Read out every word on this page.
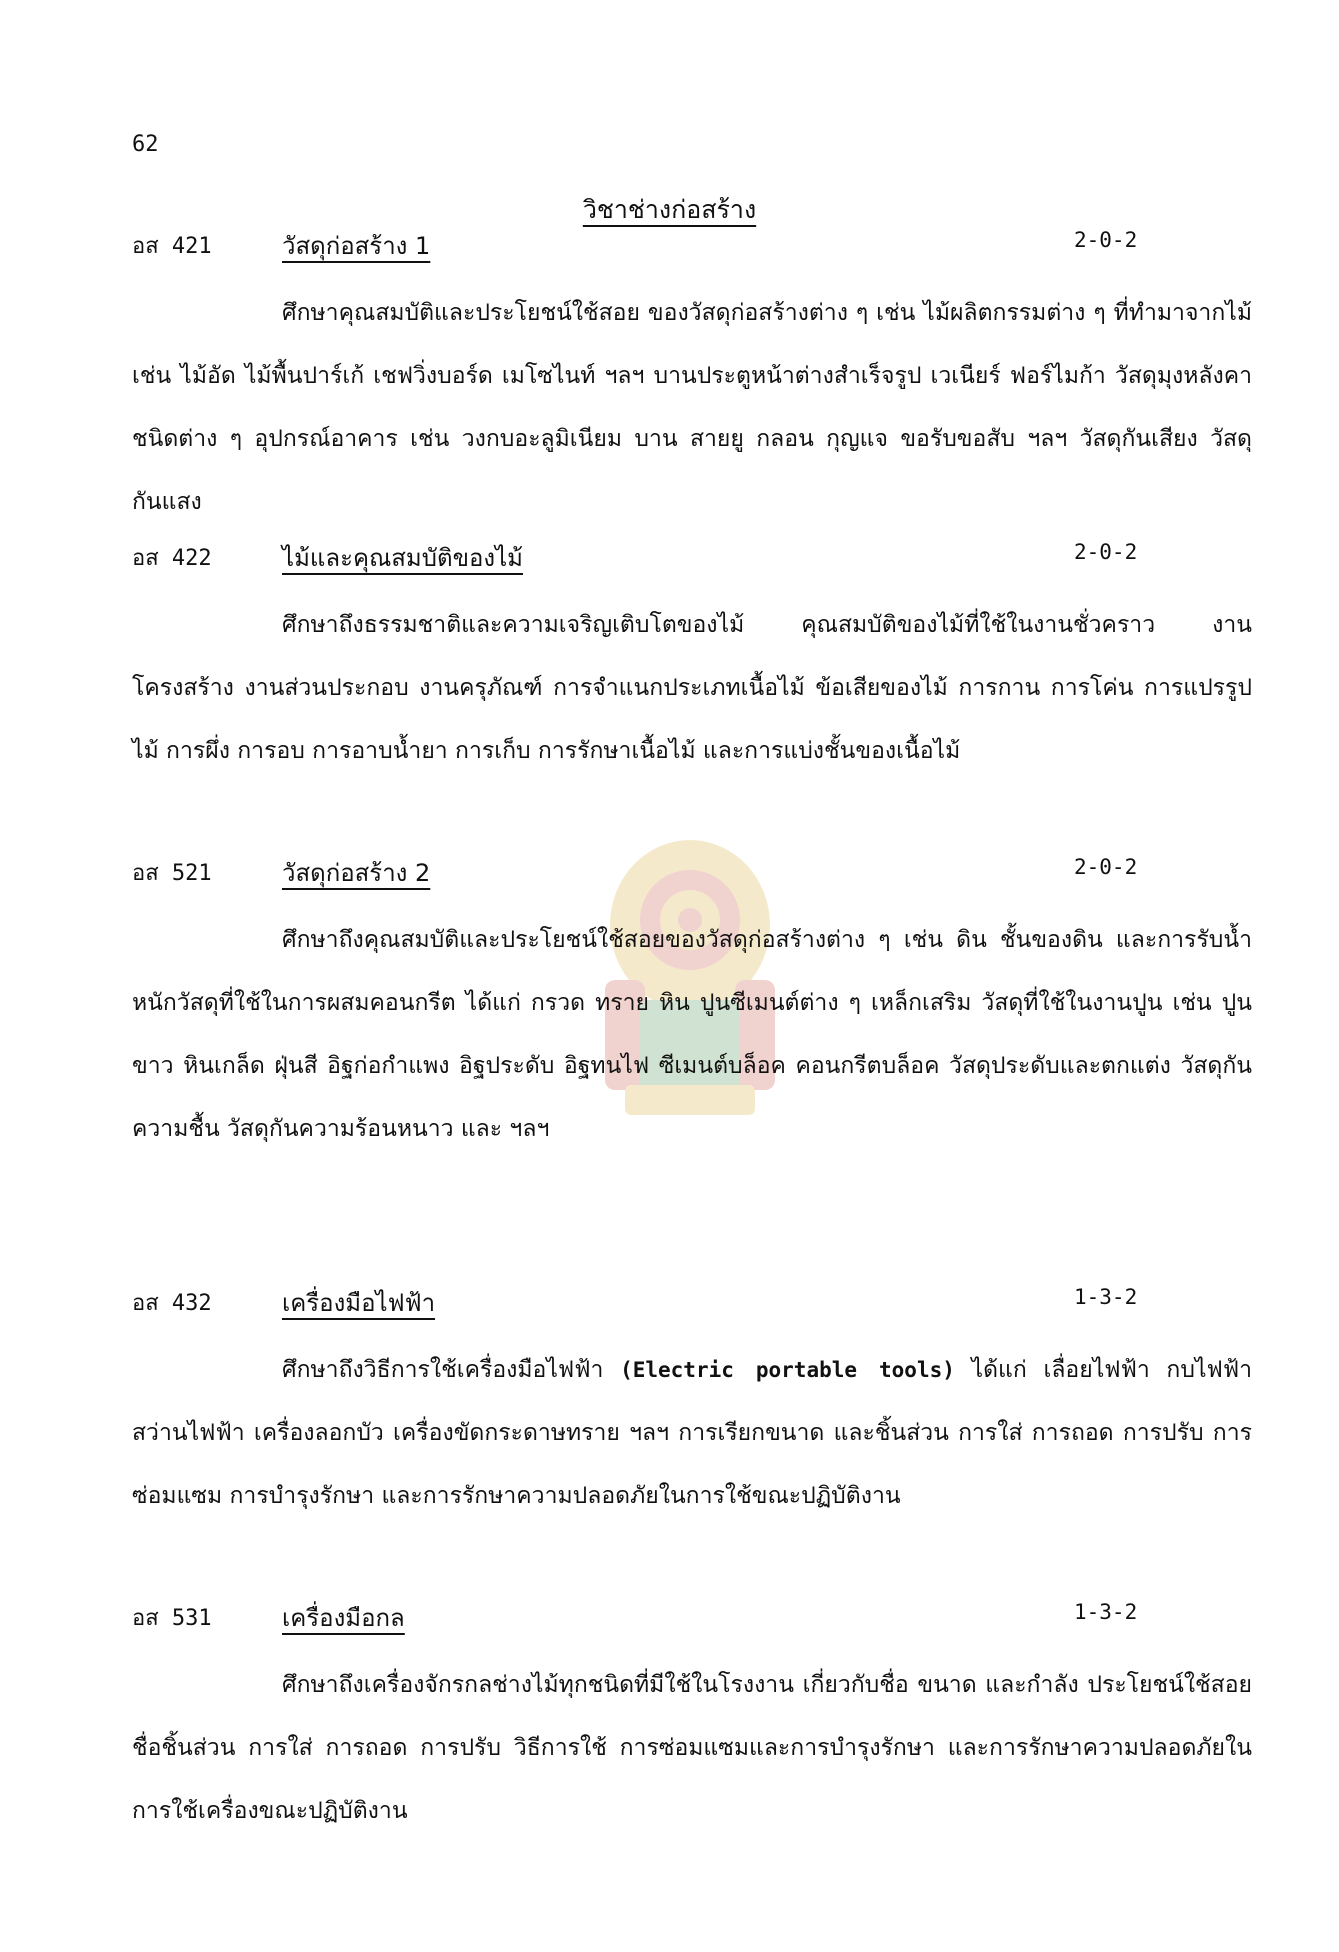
62
วิชาช่างก่อสร้าง
อส 421	วัสดุก่อสร้าง 1	2-0-2

ศึกษาคุณสมบัติและประโยชน์ใช้สอย ของวัสดุก่อสร้างต่าง ๆ เช่น ไม้ผลิตกรรมต่าง ๆ ที่ทำมาจากไม้ เช่น ไม้อัด ไม้พื้นปาร์เก้ เชฟวิ่งบอร์ด เมโซไนท์ ฯลฯ บานประตูหน้าต่างสำเร็จรูป เวเนียร์ ฟอร์ไมก้า วัสดุมุงหลังคาชนิดต่าง ๆ อุปกรณ์อาคาร เช่น วงกบอะลูมิเนียม บาน สายยู กลอน กุญแจ ขอรับขอสับ ฯลฯ วัสดุกันเสียง วัสดุกันแสง

อส 422	ไม้และคุณสมบัติของไม้	2-0-2

ศึกษาถึงธรรมชาติและความเจริญเติบโตของไม้ คุณสมบัติของไม้ที่ใช้ในงานชั่วคราว งานโครงสร้าง งานส่วนประกอบ งานครุภัณฑ์ การจำแนกประเภทเนื้อไม้ ข้อเสียของไม้ การกาน การโค่น การแปรรูปไม้ การผึ่ง การอบ การอาบน้ำยา การเก็บ การรักษาเนื้อไม้ และการแบ่งชั้นของเนื้อไม้

อส 521	วัสดุก่อสร้าง 2	2-0-2

ศึกษาถึงคุณสมบัติและประโยชน์ใช้สอยของวัสดุก่อสร้างต่าง ๆ เช่น ดิน ชั้นของดิน และการรับน้ำหนักวัสดุที่ใช้ในการผสมคอนกรีต ได้แก่ กรวด ทราย หิน ปูนซีเมนต์ต่าง ๆ เหล็กเสริม วัสดุที่ใช้ในงานปูน เช่น ปูนขาว หินเกล็ด ฝุ่นสี อิฐก่อกำแพง อิฐประดับ อิฐทนไฟ ซีเมนต์บล็อค คอนกรีตบล็อค วัสดุประดับและตกแต่ง วัสดุกันความชื้น วัสดุกันความร้อนหนาว และ ฯลฯ

อส 432	เครื่องมือไฟฟ้า	1-3-2

ศึกษาถึงวิธีการใช้เครื่องมือไฟฟ้า (Electric portable tools) ได้แก่ เลื่อยไฟฟ้า กบไฟฟ้า สว่านไฟฟ้า เครื่องลอกบัว เครื่องขัดกระดาษทราย ฯลฯ การเรียกขนาด และชิ้นส่วน การใส่ การถอด การปรับ การซ่อมแซม การบำรุงรักษา และการรักษาความปลอดภัยในการใช้ขณะปฏิบัติงาน

อส 531	เครื่องมือกล	1-3-2

ศึกษาถึงเครื่องจักรกลช่างไม้ทุกชนิดที่มีใช้ในโรงงาน เกี่ยวกับชื่อ ขนาด และกำลัง ประโยชน์ใช้สอย ชื่อชิ้นส่วน การใส่ การถอด การปรับ วิธีการใช้ การซ่อมแซมและการบำรุงรักษา และการรักษาความปลอดภัยในการใช้เครื่องขณะปฏิบัติงาน
